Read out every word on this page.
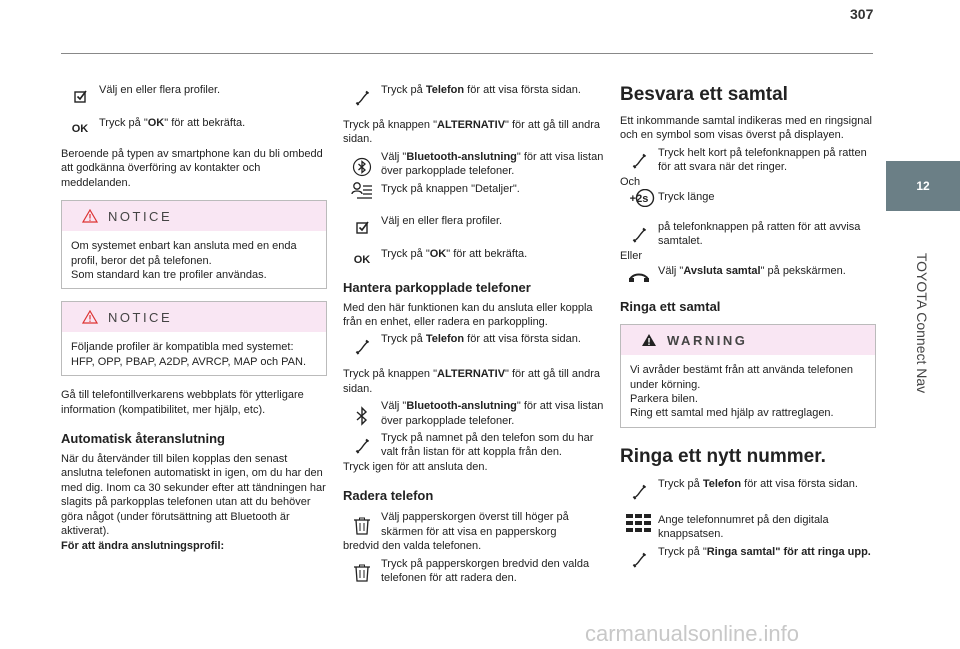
307
12
TOYOTA Connect Nav
Välj en eller flera profiler.
OK Tryck på "OK" för att bekräfta.

Beroende på typen av smartphone kan du bli ombedd att godkänna överföring av kontakter och meddelanden.

NOTICE
Om systemet enbart kan ansluta med en enda profil, beror det på telefonen.
Som standard kan tre profiler användas.
NOTICE
Följande profiler är kompatibla med systemet: HFP, OPP, PBAP, A2DP, AVRCP, MAP och PAN.

Gå till telefontillverkarens webbplats för ytterligare information (kompatibilitet, mer hjälp, etc).

Automatisk återanslutning

När du återvänder till bilen kopplas den senast anslutna telefonen automatiskt in igen, om du har den med dig. Inom ca 30 sekunder efter att tändningen har slagits på parkopplas telefonen utan att du behöver göra något (under förutsättning att Bluetooth är aktiverat).
För att ändra anslutningsprofil:

Tryck på Telefon för att visa första sidan.

Tryck på knappen "ALTERNATIV" för att gå till andra sidan.

Välj "Bluetooth-anslutning" för att visa listan över parkopplade telefoner.
Tryck på knappen "Detaljer".
Välj en eller flera profiler.
OK Tryck på "OK" för att bekräfta.
Hantera parkopplade telefoner

Med den här funktionen kan du ansluta eller koppla från en enhet, eller radera en parkoppling.

Tryck på Telefon för att visa första sidan.

Tryck på knappen "ALTERNATIV" för att gå till andra sidan.

Välj "Bluetooth-anslutning" för att visa listan över parkopplade telefoner.
Tryck på namnet på den telefon som du har valt från listan för att koppla från den.

Tryck igen för att ansluta den.

Radera telefon
Välj papperskorgen överst till höger på skärmen för att visa en papperskorg

bredvid den valda telefonen.

Tryck på papperskorgen bredvid den valda telefonen för att radera den.
Besvara ett samtal

Ett inkommande samtal indikeras med en ringsignal och en symbol som visas överst på displayen.

Tryck helt kort på telefonknappen på ratten för att svara när det ringer.

Och

+2s Tryck länge
på telefonknappen på ratten för att avvisa samtalet.

Eller

Välj "Avsluta samtal" på pekskärmen.
Ringa ett samtal
WARNING
Vi avråder bestämt från att använda telefonen under körning.
Parkera bilen.
Ring ett samtal med hjälp av rattreglagen.
Ringa ett nytt nummer.
Tryck på Telefon för att visa första sidan.
Ange telefonnumret på den digitala knappsatsen.
Tryck på "Ringa samtal" för att ringa upp.
carmanualsonline.info
